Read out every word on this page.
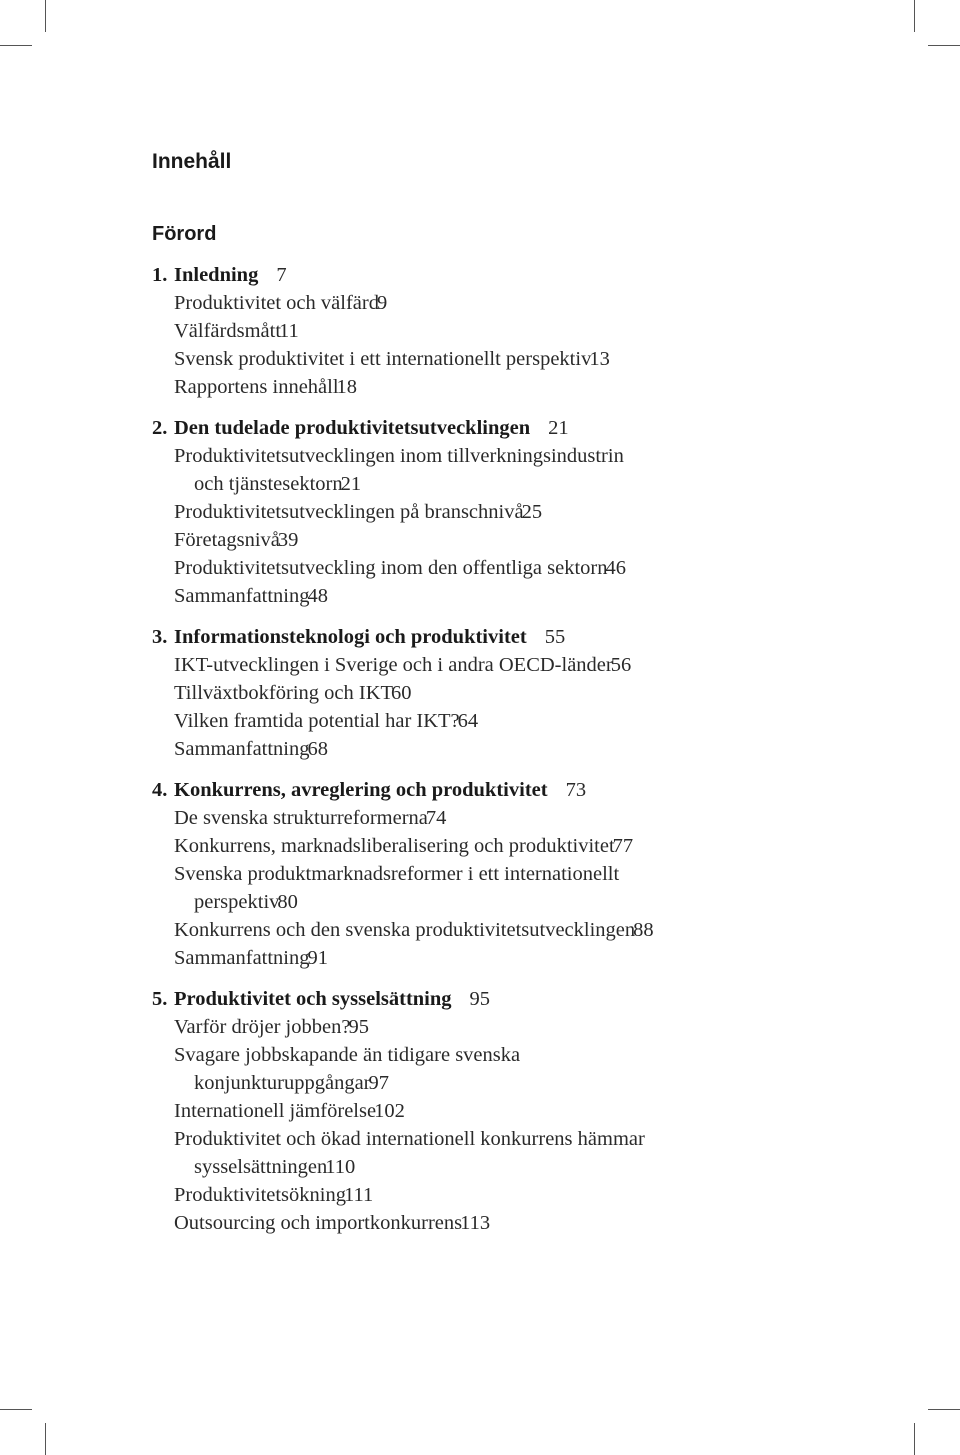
Innehåll
Förord
1. Inledning 7
Produktivitet och välfärd9
Välfärdsmått11
Svensk produktivitet i ett internationellt perspektiv13
Rapportens innehåll18
2. Den tudelade produktivitetsutvecklingen 21
Produktivitetsutvecklingen inom tillverkningsindustrin
och tjänstesektorn21
Produktivitetsutvecklingen på branschnivå25
Företagsnivå39
Produktivitetsutveckling inom den offentliga sektorn46
Sammanfattning48
3. Informationsteknologi och produktivitet 55
IKT-utvecklingen i Sverige och i andra OECD-länder56
Tillväxtbokföring och IKT60
Vilken framtida potential har IKT?64
Sammanfattning68
4. Konkurrens, avreglering och produktivitet 73
De svenska strukturreformerna74
Konkurrens, marknadsliberalisering och produktivitet77
Svenska produktmarknadsreformer i ett internationellt
perspektiv80
Konkurrens och den svenska produktivitetsutvecklingen88
Sammanfattning91
5. Produktivitet och sysselsättning 95
Varför dröjer jobben?95
Svagare jobbskapande än tidigare svenska
konjunkturuppgångar97
Internationell jämförelse102
Produktivitet och ökad internationell konkurrens hämmar
sysselsättningen110
Produktivitetsökning111
Outsourcing och importkonkurrens113
